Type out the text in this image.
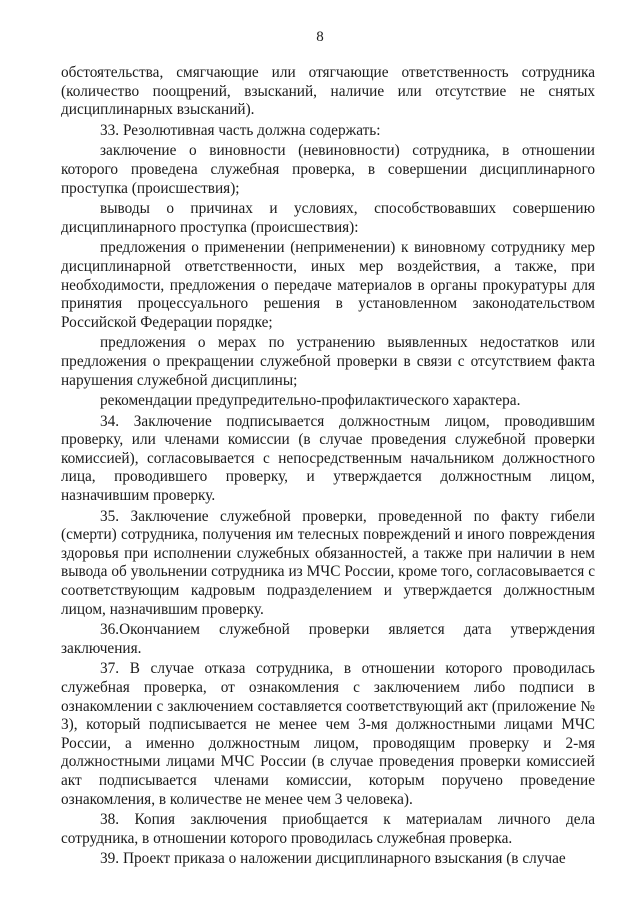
8

обстоятельства, смягчающие или отягчающие ответственность сотрудника (количество поощрений, взысканий, наличие или отсутствие не снятых дисциплинарных взысканий).

33. Резолютивная часть должна содержать:

заключение о виновности (невиновности) сотрудника, в отношении которого проведена служебная проверка, в совершении дисциплинарного проступка (происшествия);

выводы о причинах и условиях, способствовавших совершению дисциплинарного проступка (происшествия):

предложения о применении (неприменении) к виновному сотруднику мер дисциплинарной ответственности, иных мер воздействия, а также, при необходимости, предложения о передаче материалов в органы прокуратуры для принятия процессуального решения в установленном законодательством Российской Федерации порядке;

предложения о мерах по устранению выявленных недостатков или предложения о прекращении служебной проверки в связи с отсутствием факта нарушения служебной дисциплины;

рекомендации предупредительно-профилактического характера.

34. Заключение подписывается должностным лицом, проводившим проверку, или членами комиссии (в случае проведения служебной проверки комиссией), согласовывается с непосредственным начальником должностного лица, проводившего проверку, и утверждается должностным лицом, назначившим проверку.

35. Заключение служебной проверки, проведенной по факту гибели (смерти) сотрудника, получения им телесных повреждений и иного повреждения здоровья при исполнении служебных обязанностей, а также при наличии в нем вывода об увольнении сотрудника из МЧС России, кроме того, согласовывается с соответствующим кадровым подразделением и утверждается должностным лицом, назначившим проверку.

36.Окончанием служебной проверки является дата утверждения заключения.

37. В случае отказа сотрудника, в отношении которого проводилась служебная проверка, от ознакомления с заключением либо подписи в ознакомлении с заключением составляется соответствующий акт (приложение № 3), который подписывается не менее чем 3-мя должностными лицами МЧС России, а именно должностным лицом, проводящим проверку и 2-мя должностными лицами МЧС России (в случае проведения проверки комиссией акт подписывается членами комиссии, которым поручено проведение ознакомления, в количестве не менее чем 3 человека).

38. Копия заключения приобщается к материалам личного дела сотрудника, в отношении которого проводилась служебная проверка.

39. Проект приказа о наложении дисциплинарного взыскания (в случае
